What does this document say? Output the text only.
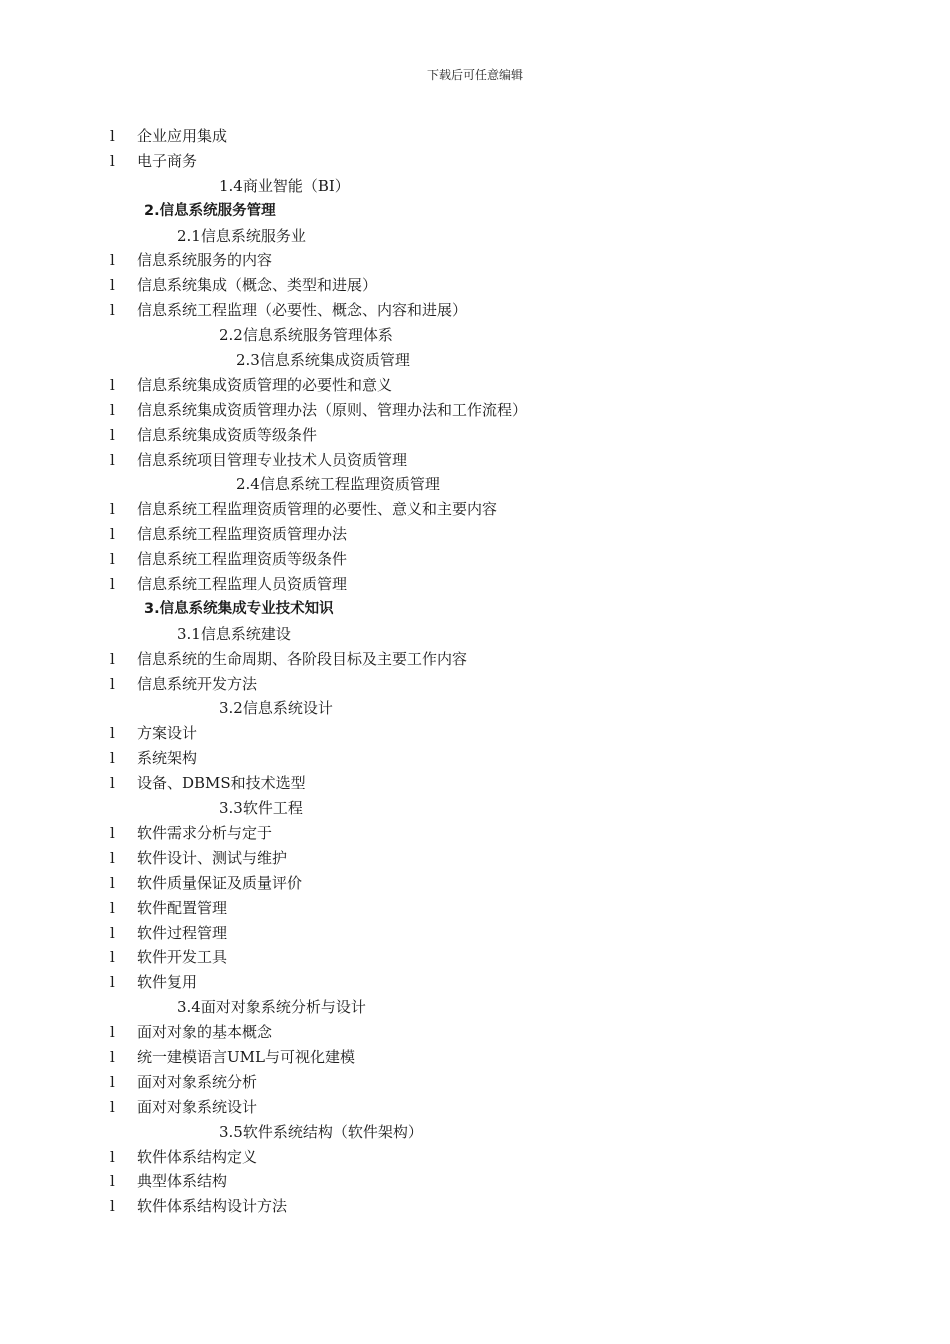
下载后可任意编辑
l 企业应用集成
l 电子商务
1.4商业智能（BI）
2.信息系统服务管理
2.1信息系统服务业
l 信息系统服务的内容
l 信息系统集成（概念、类型和进展）
l 信息系统工程监理（必要性、概念、内容和进展）
2.2信息系统服务管理体系
2.3信息系统集成资质管理
l 信息系统集成资质管理的必要性和意义
l 信息系统集成资质管理办法（原则、管理办法和工作流程）
l 信息系统集成资质等级条件
l 信息系统项目管理专业技术人员资质管理
2.4信息系统工程监理资质管理
l 信息系统工程监理资质管理的必要性、意义和主要内容
l 信息系统工程监理资质管理办法
l 信息系统工程监理资质等级条件
l 信息系统工程监理人员资质管理
3.信息系统集成专业技术知识
3.1信息系统建设
l 信息系统的生命周期、各阶段目标及主要工作内容
l 信息系统开发方法
3.2信息系统设计
l 方案设计
l 系统架构
l 设备、DBMS和技术选型
3.3软件工程
l 软件需求分析与定于
l 软件设计、测试与维护
l 软件质量保证及质量评价
l 软件配置管理
l 软件过程管理
l 软件开发工具
l 软件复用
3.4面对对象系统分析与设计
l 面对对象的基本概念
l 统一建模语言UML与可视化建模
l 面对对象系统分析
l 面对对象系统设计
3.5软件系统结构（软件架构）
l 软件体系结构定义
l 典型体系结构
l 软件体系结构设计方法
